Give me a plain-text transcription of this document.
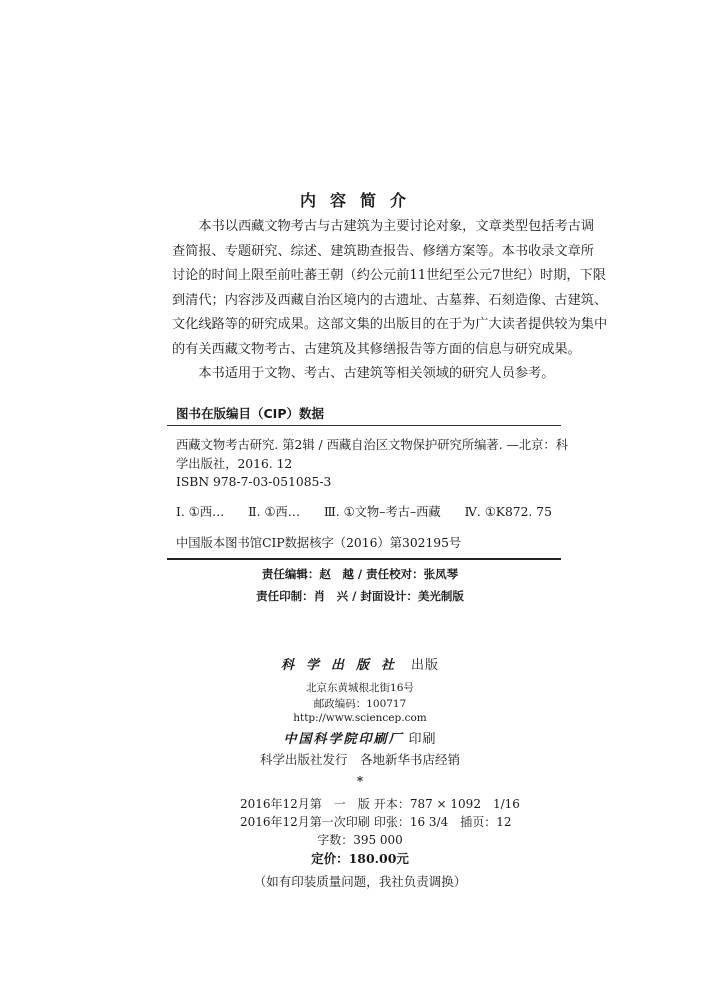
内容简介

本书以西藏文物考古与古建筑为主要讨论对象，文章类型包括考古调
查简报、专题研究、综述、建筑勘查报告、修缮方案等。本书收录文章所
讨论的时间上限至前吐蕃王朝（约公元前11世纪至公元7世纪）时期，下限
到清代；内容涉及西藏自治区境内的古遗址、古墓葬、石刻造像、古建筑、
文化线路等的研究成果。这部文集的出版目的在于为广大读者提供较为集中
的有关西藏文物考古、古建筑及其修缮报告等方面的信息与研究成果。

本书适用于文物、考古、古建筑等相关领域的研究人员参考。

图书在版编目（CIP）数据
西藏文物考古研究. 第2辑 / 西藏自治区文物保护研究所编著. —北京：科
学出版社，2016. 12
ISBN 978-7-03-051085-3
Ⅰ. ①西… Ⅱ. ①西… Ⅲ. ①文物–考古–西藏 Ⅳ. ①K872. 75
中国版本图书馆CIP数据核字（2016）第302195号
责任编辑：赵　越 / 责任校对：张凤琴
责任印制：肖　兴 / 封面设计：美光制版
科学出版社 出版
北京东黄城根北街16号
邮政编码：100717
http://www.sciencep.com
中国科学院印刷厂 印刷
科学出版社发行　各地新华书店经销
*
2016年12月第　一　版 开本：787 × 1092　1/16
2016年12月第一次印刷 印张：16 3/4　插页：12
字数：395 000
定价：180.00元
（如有印装质量问题，我社负责调换）
